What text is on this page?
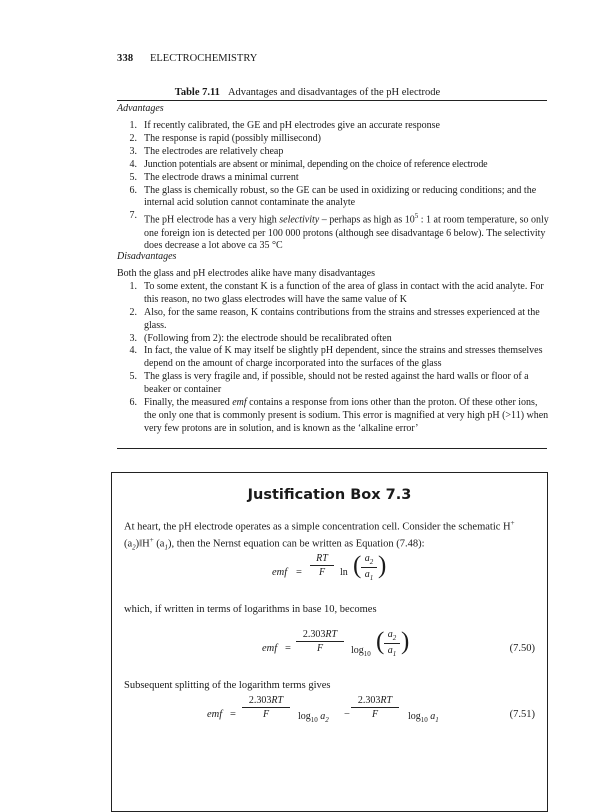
338 ELECTROCHEMISTRY
Table 7.11 Advantages and disadvantages of the pH electrode
Advantages
1. If recently calibrated, the GE and pH electrodes give an accurate response
2. The response is rapid (possibly millisecond)
3. The electrodes are relatively cheap
4. Junction potentials are absent or minimal, depending on the choice of reference electrode
5. The electrode draws a minimal current
6. The glass is chemically robust, so the GE can be used in oxidizing or reducing conditions; and the internal acid solution cannot contaminate the analyte
7. The pH electrode has a very high selectivity – perhaps as high as $10^5$ : 1 at room temperature, so only one foreign ion is detected per 100 000 protons (although see disadvantage 6 below). The selectivity does decrease a lot above ca 35 °C
Disadvantages
Both the glass and pH electrodes alike have many disadvantages
1. To some extent, the constant K is a function of the area of glass in contact with the acid analyte. For this reason, no two glass electrodes will have the same value of K
2. Also, for the same reason, K contains contributions from the strains and stresses experienced at the glass.
3. (Following from 2): the electrode should be recalibrated often
4. In fact, the value of K may itself be slightly pH dependent, since the strains and stresses themselves depend on the amount of charge incorporated into the surfaces of the glass
5. The glass is very fragile and, if possible, should not be rested against the hard walls or floor of a beaker or container
6. Finally, the measured emf contains a response from ions other than the proton. Of these other ions, the only one that is commonly present is sodium. This error is magnified at very high pH (>11) when very few protons are in solution, and is known as the ‘alkaline error’
Justification Box 7.3
At heart, the pH electrode operates as a simple concentration cell. Consider the schematic H+ $(a_2)‖H^+$ $(a_1)$, then the Nernst equation can be written as Equation (7.48):
emf =
RT
F	ln ( $a_2$
$a_1$ )
which, if written in terms of logarithms in base 10, becomes
emf =
2.303RT
F	$\log_{10}$ ( $a_2$
$a_1$ )	(7.50)
Subsequent splitting of the logarithm terms gives
emf =
2.303RT
F	$\log_{10} a_2$ −
2.303RT
F	$\log_{10} a_1$	(7.51)
